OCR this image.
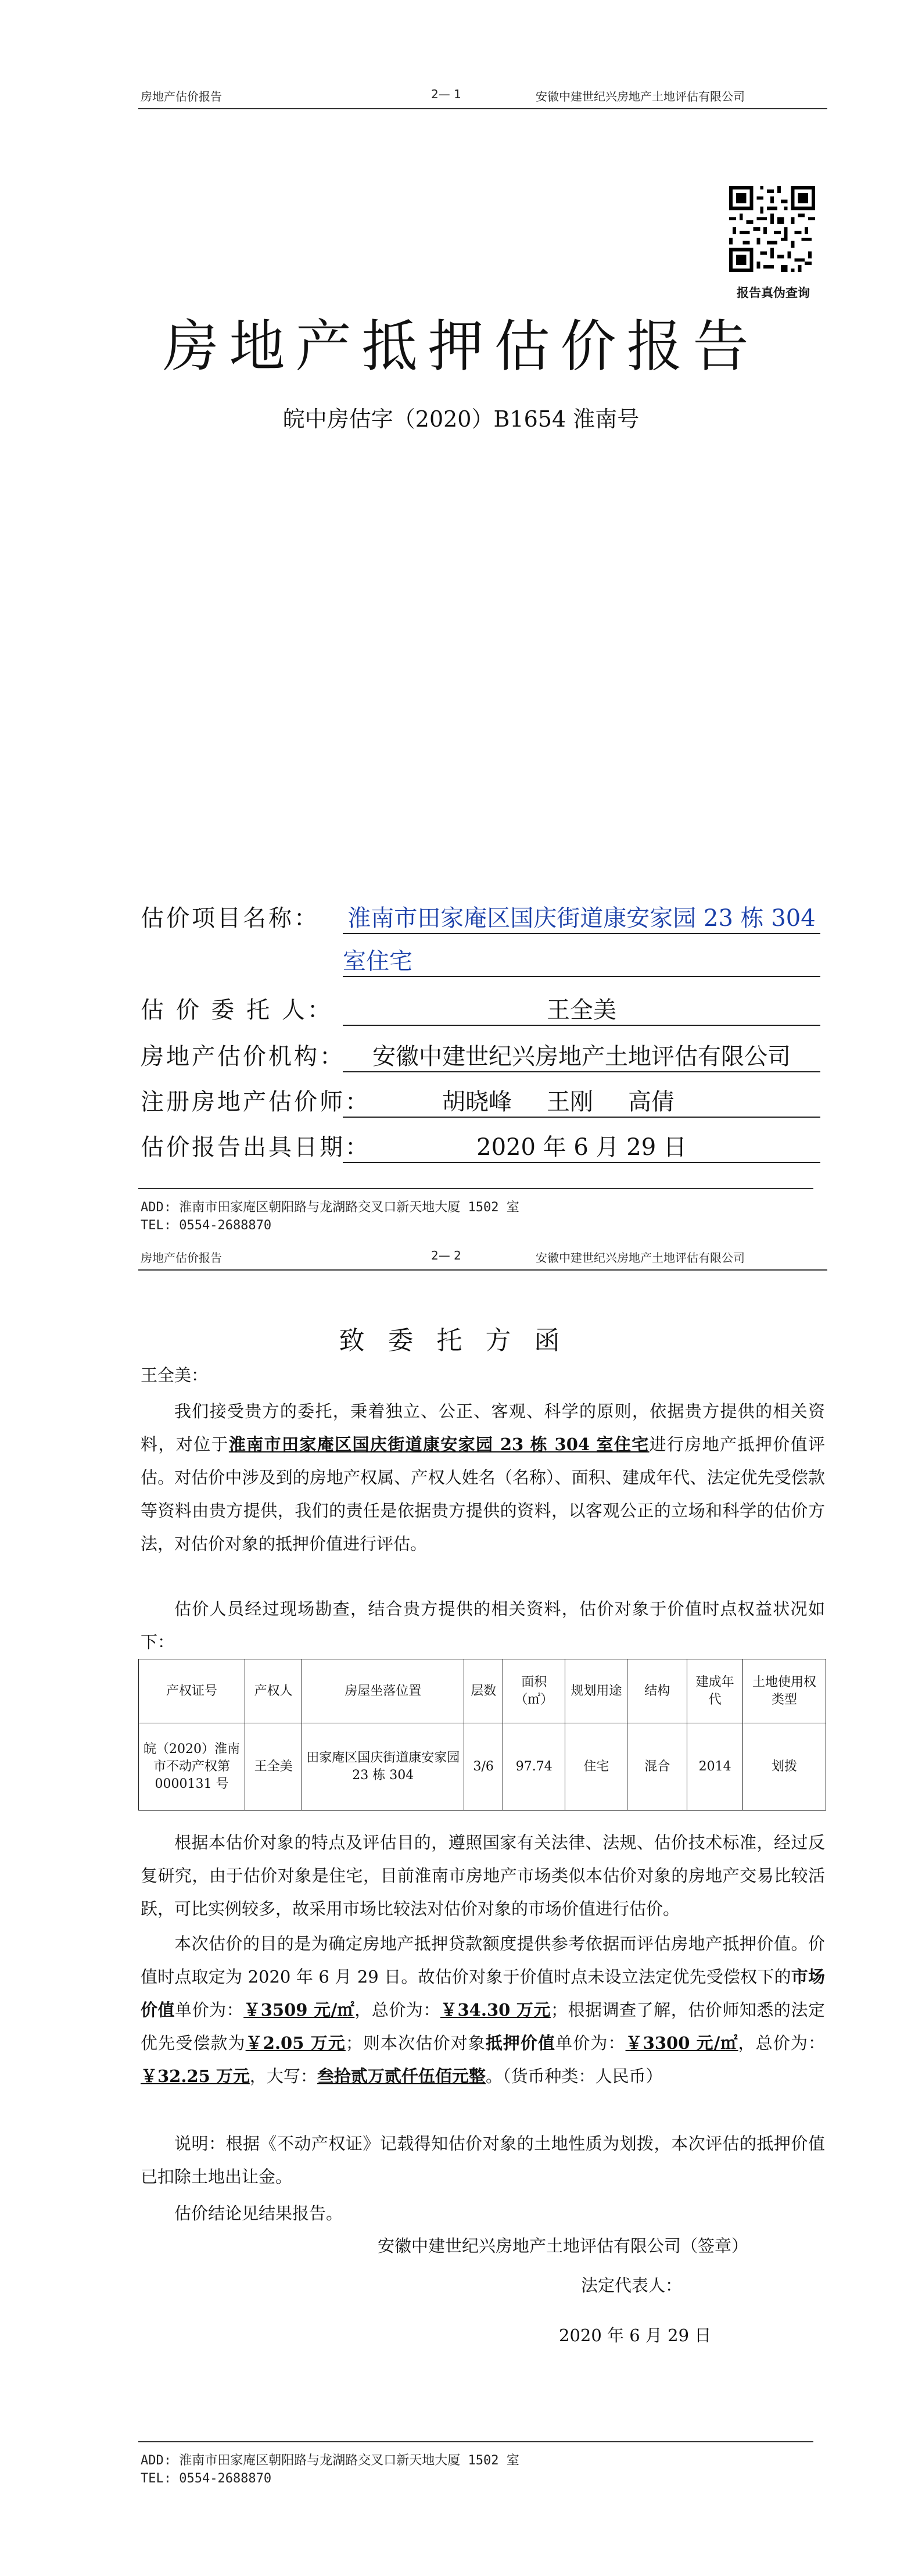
房地产估价报告	2— 1	安徽中建世纪兴房地产土地评估有限公司
报告真伪查询
房地产抵押估价报告
皖中房估字（2020）B1654 淮南号
估价项目名称： 淮南市田家庵区国庆街道康安家园 23 栋 304
室住宅
估 价 委 托 人：	王全美
房地产估价机构：	安徽中建世纪兴房地产土地评估有限公司
注册房地产估价师：	胡晓峰 王刚 高倩
估价报告出具日期：	2020 年 6 月 29 日
ADD: 淮南市田家庵区朝阳路与龙湖路交叉口新天地大厦 1502 室
TEL: 0554-2688870
房地产估价报告	2— 2	安徽中建世纪兴房地产土地评估有限公司
致委托方函
王全美：
我们接受贵方的委托，秉着独立、公正、客观、科学的原则，依据贵方提供的相关资料，对位于淮南市田家庵区国庆街道康安家园 23 栋 304 室住宅进行房地产抵押价值评估。对估价中涉及到的房地产权属、产权人姓名（名称）、面积、建成年代、法定优先受偿款等资料由贵方提供，我们的责任是依据贵方提供的资料，以客观公正的立场和科学的估价方法，对估价对象的抵押价值进行评估。
估价人员经过现场勘查，结合贵方提供的相关资料，估价对象于价值时点权益状况如下：
产权证号	产权人	房屋坐落位置	层数	面积（㎡）	规划用途	结构	建成年代	土地使用权类型
皖（2020）淮南市不动产权第 0000131 号	王全美	田家庵区国庆街道康安家园 23 栋 304	3/6	97.74	住宅	混合	2014	划拨
根据本估价对象的特点及评估目的，遵照国家有关法律、法规、估价技术标准，经过反复研究，由于估价对象是住宅，目前淮南市房地产市场类似本估价对象的房地产交易比较活跃，可比实例较多，故采用市场比较法对估价对象的市场价值进行估价。
本次估价的目的是为确定房地产抵押贷款额度提供参考依据而评估房地产抵押价值。价值时点取定为 2020 年 6 月 29 日。故估价对象于价值时点未设立法定优先受偿权下的市场价值单价为：￥3509 元/㎡，总价为：￥34.30 万元；根据调查了解，估价师知悉的法定优先受偿款为￥2.05 万元；则本次估价对象抵押价值单价为：￥3300 元/㎡，总价为：￥32.25 万元，大写：叁拾贰万贰仟伍佰元整。（货币种类：人民币）
说明：根据《不动产权证》记载得知估价对象的土地性质为划拨，本次评估的抵押价值已扣除土地出让金。
估价结论见结果报告。
安徽中建世纪兴房地产土地评估有限公司（签章）
法定代表人：
2020 年 6 月 29 日
ADD: 淮南市田家庵区朝阳路与龙湖路交叉口新天地大厦 1502 室
TEL: 0554-2688870
